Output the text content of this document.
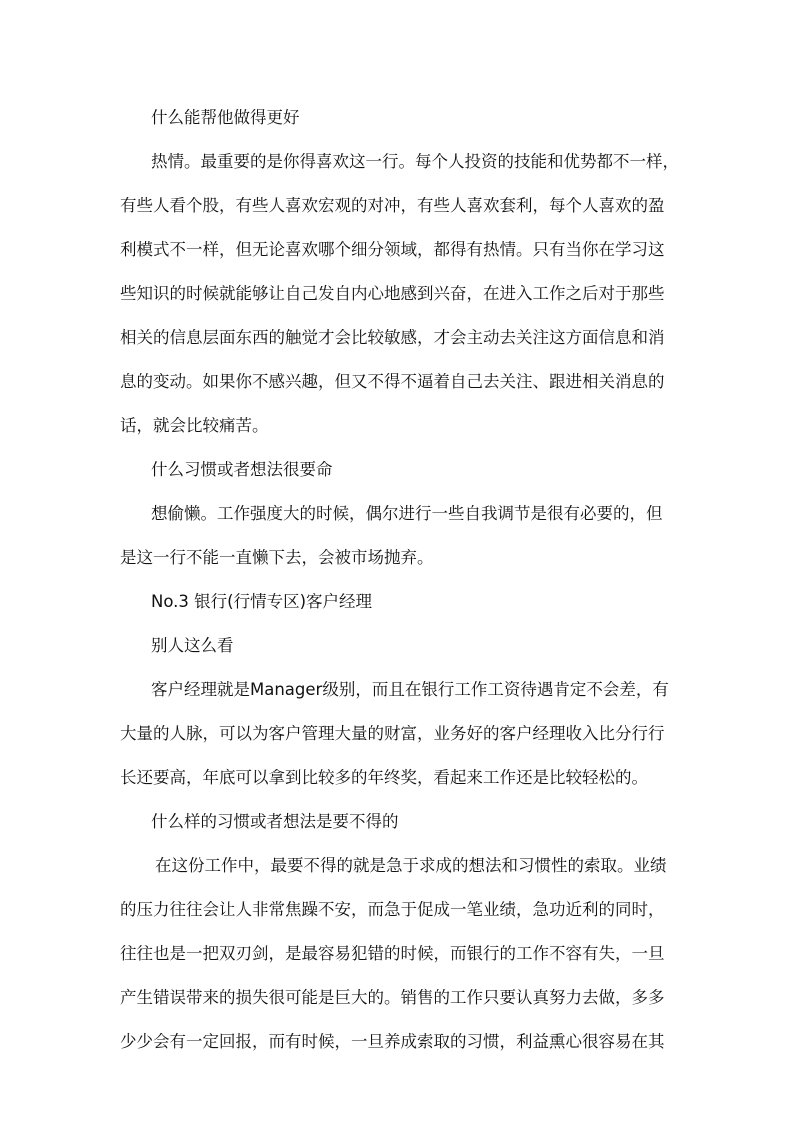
什么能帮他做得更好
热情。最重要的是你得喜欢这一行。每个人投资的技能和优势都不一样，
有些人看个股，有些人喜欢宏观的对冲，有些人喜欢套利，每个人喜欢的盈
利模式不一样，但无论喜欢哪个细分领域，都得有热情。只有当你在学习这
些知识的时候就能够让自己发自内心地感到兴奋，在进入工作之后对于那些
相关的信息层面东西的触觉才会比较敏感，才会主动去关注这方面信息和消
息的变动。如果你不感兴趣，但又不得不逼着自己去关注、跟进相关消息的
话，就会比较痛苦。
什么习惯或者想法很要命
想偷懒。工作强度大的时候，偶尔进行一些自我调节是很有必要的，但
是这一行不能一直懒下去，会被市场抛弃。
No.3 银行(行情专区)客户经理
别人这么看
客户经理就是Manager级别，而且在银行工作工资待遇肯定不会差，有
大量的人脉，可以为客户管理大量的财富，业务好的客户经理收入比分行行
长还要高，年底可以拿到比较多的年终奖，看起来工作还是比较轻松的。
什么样的习惯或者想法是要不得的
在这份工作中，最要不得的就是急于求成的想法和习惯性的索取。业绩
的压力往往会让人非常焦躁不安，而急于促成一笔业绩，急功近利的同时，
往往也是一把双刃剑，是最容易犯错的时候，而银行的工作不容有失，一旦
产生错误带来的损失很可能是巨大的。销售的工作只要认真努力去做，多多
少少会有一定回报，而有时候，一旦养成索取的习惯，利益熏心很容易在其
